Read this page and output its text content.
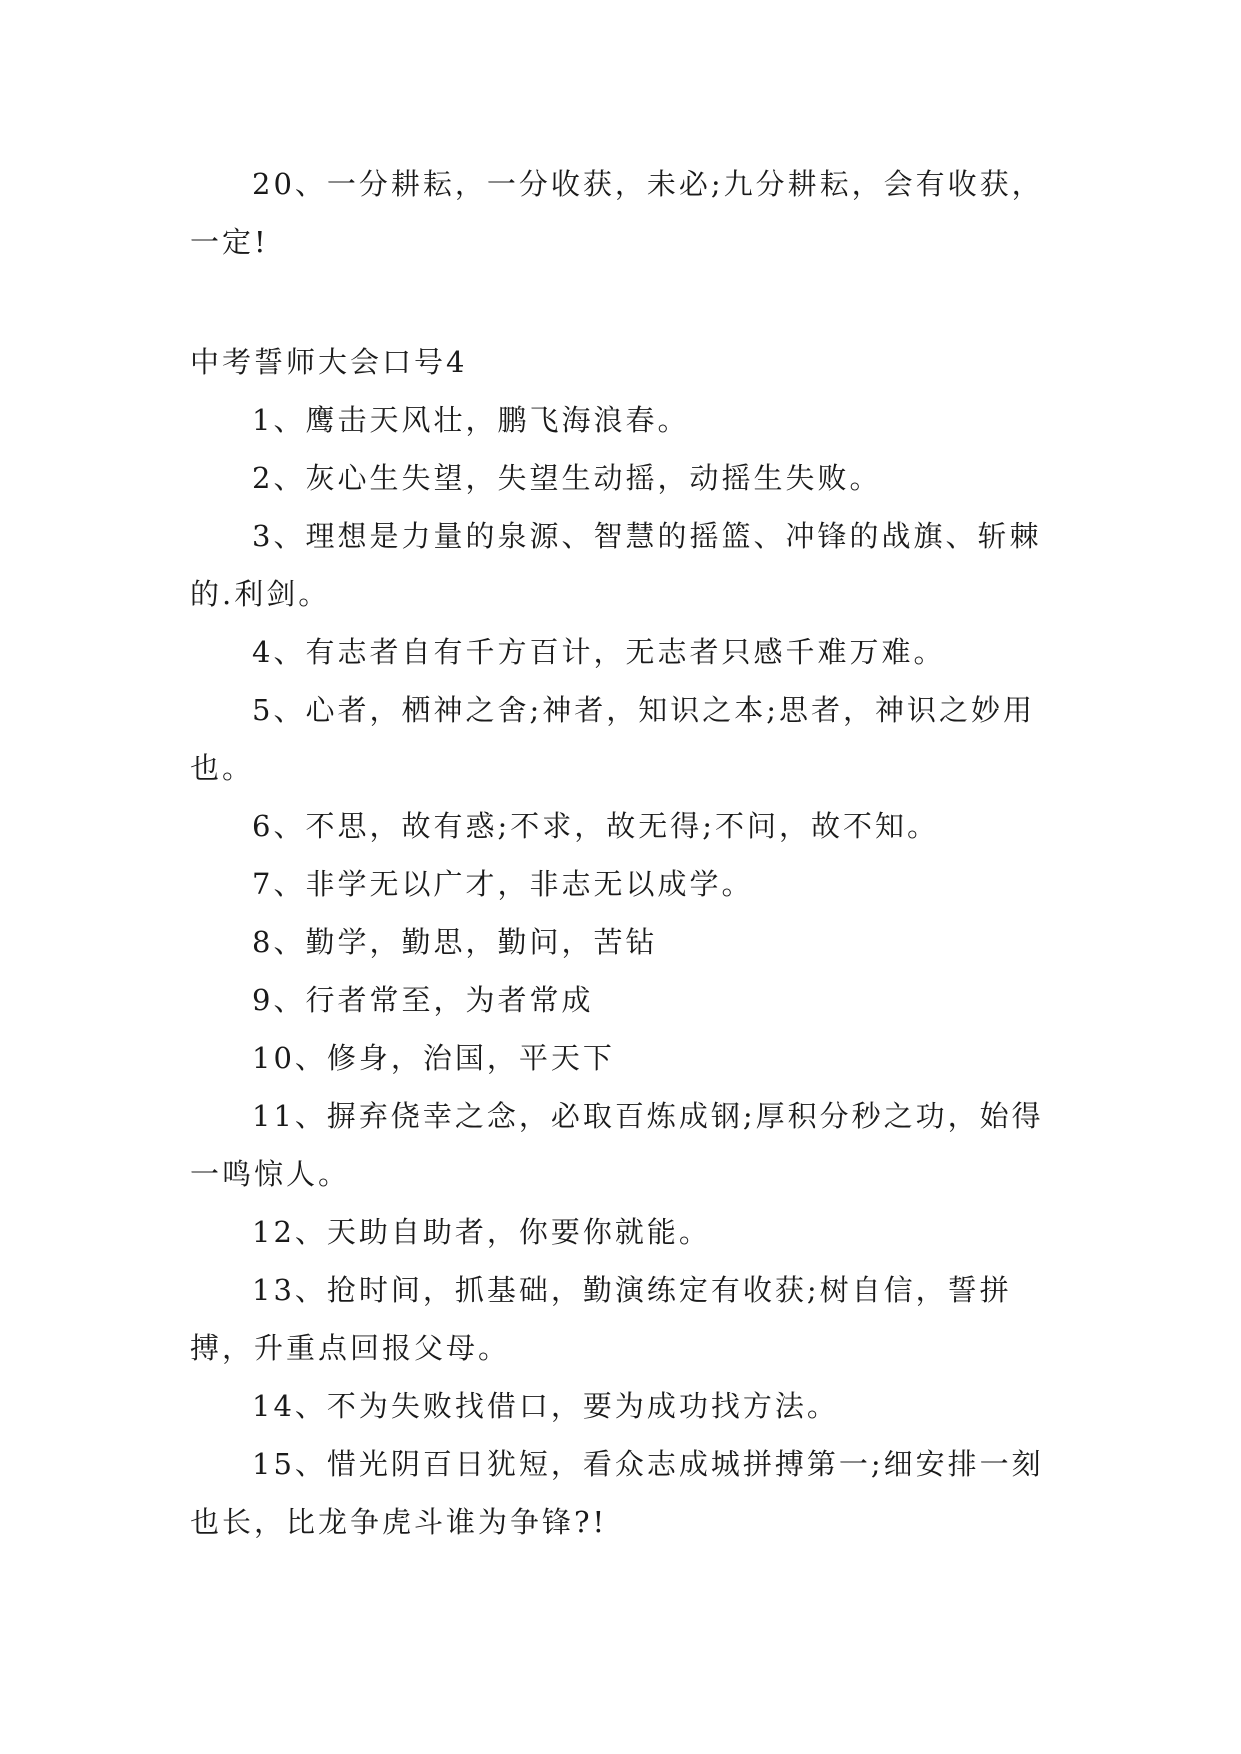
20、一分耕耘，一分收获，未必;九分耕耘，会有收获，一定!

中考誓师大会口号4

1、鹰击天风壮，鹏飞海浪春。

2、灰心生失望，失望生动摇，动摇生失败。

3、理想是力量的泉源、智慧的摇篮、冲锋的战旗、斩棘的.利剑。

4、有志者自有千方百计，无志者只感千难万难。

5、心者，栖神之舍;神者，知识之本;思者，神识之妙用也。

6、不思，故有惑;不求，故无得;不问，故不知。

7、非学无以广才，非志无以成学。

8、勤学，勤思，勤问，苦钻

9、行者常至，为者常成

10、修身，治国，平天下

11、摒弃侥幸之念，必取百炼成钢;厚积分秒之功，始得一鸣惊人。

12、天助自助者，你要你就能。

13、抢时间，抓基础，勤演练定有收获;树自信，誓拼搏，升重点回报父母。

14、不为失败找借口，要为成功找方法。

15、惜光阴百日犹短，看众志成城拼搏第一;细安排一刻也长，比龙争虎斗谁为争锋?!
